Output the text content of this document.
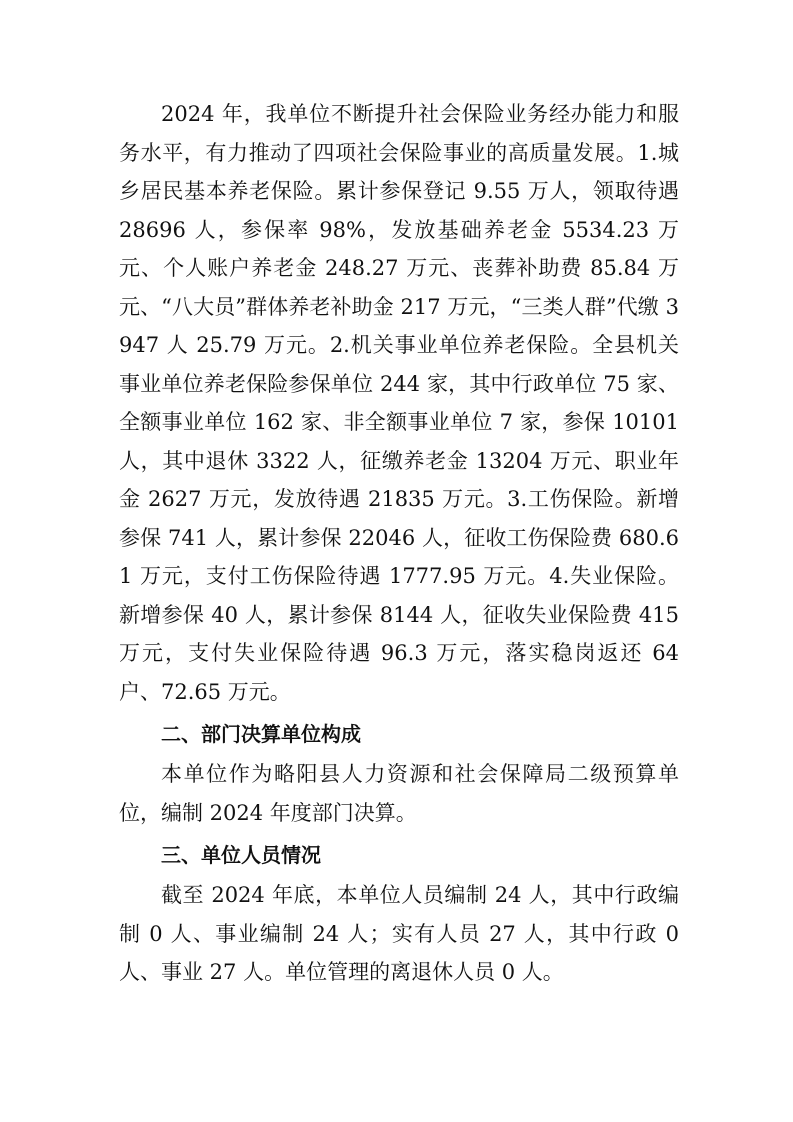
2024 年，我单位不断提升社会保险业务经办能力和服务水平，有力推动了四项社会保险事业的高质量发展。1.城乡居民基本养老保险。累计参保登记 9.55 万人，领取待遇 28696 人，参保率 98%，发放基础养老金 5534.23 万元、个人账户养老金 248.27 万元、丧葬补助费 85.84 万元、“八大员”群体养老补助金 217 万元，“三类人群”代缴 3947 人 25.79 万元。2.机关事业单位养老保险。全县机关事业单位养老保险参保单位 244 家，其中行政单位 75 家、全额事业单位 162 家、非全额事业单位 7 家，参保 10101 人，其中退休 3322 人，征缴养老金 13204 万元、职业年金 2627 万元，发放待遇 21835 万元。3.工伤保险。新增参保 741 人，累计参保 22046 人，征收工伤保险费 680.61 万元，支付工伤保险待遇 1777.95 万元。4.失业保险。新增参保 40 人，累计参保 8144 人，征收失业保险费 415 万元，支付失业保险待遇 96.3 万元，落实稳岗返还 64 户、72.65 万元。

二、部门决算单位构成

本单位作为略阳县人力资源和社会保障局二级预算单位，编制 2024 年度部门决算。

三、单位人员情况

截至 2024 年底，本单位人员编制 24 人，其中行政编制 0 人、事业编制 24 人；实有人员 27 人，其中行政 0 人、事业 27 人。单位管理的离退休人员 0 人。
